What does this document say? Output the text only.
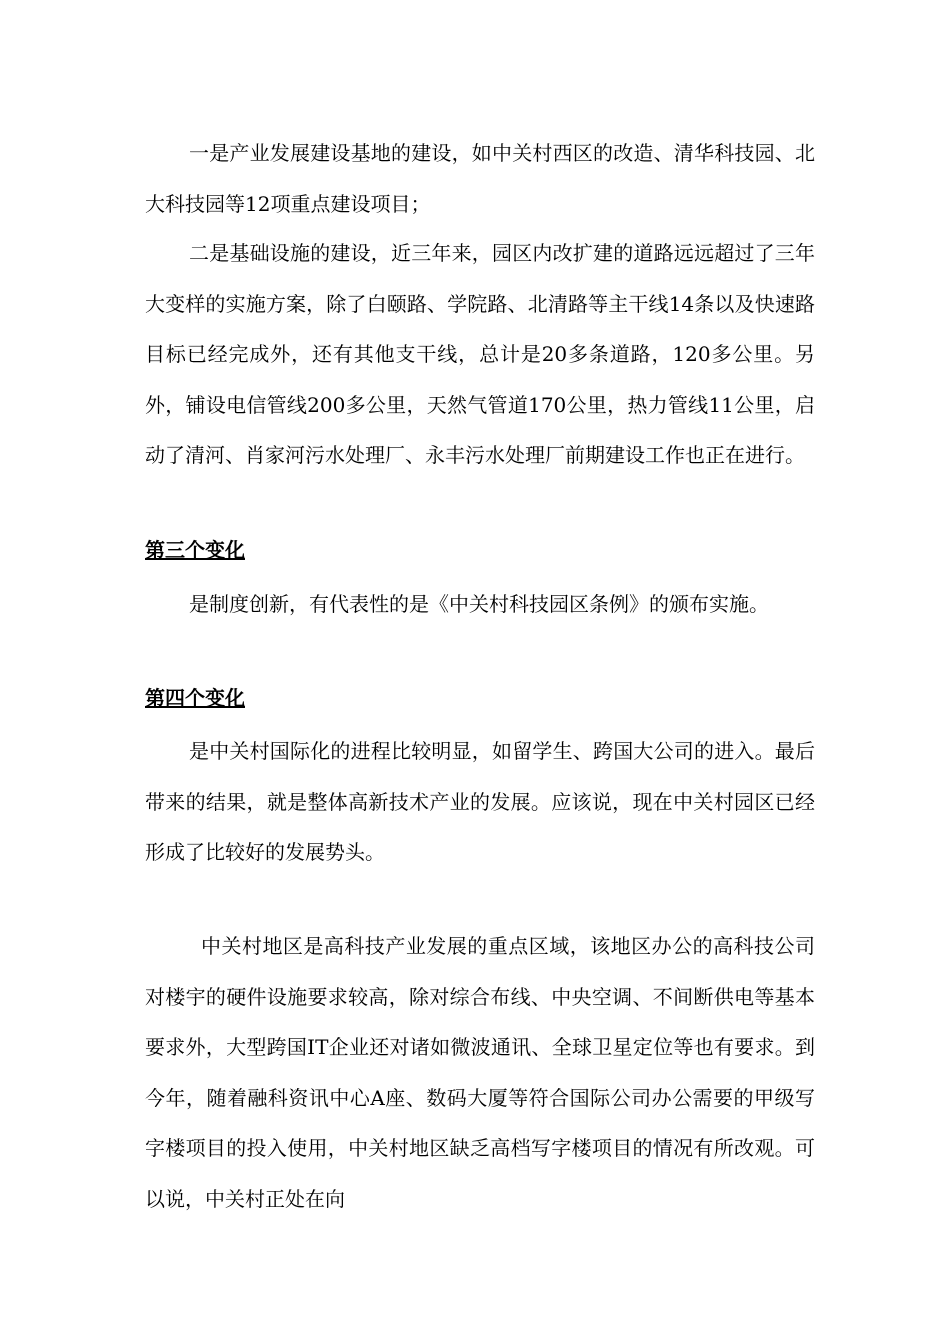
一是产业发展建设基地的建设，如中关村西区的改造、清华科技园、北大科技园等12项重点建设项目；

二是基础设施的建设，近三年来，园区内改扩建的道路远远超过了三年大变样的实施方案，除了白颐路、学院路、北清路等主干线14条以及快速路目标已经完成外，还有其他支干线，总计是20多条道路，120多公里。另外，铺设电信管线200多公里，天然气管道170公里，热力管线11公里，启动了清河、肖家河污水处理厂、永丰污水处理厂前期建设工作也正在进行。

第三个变化

是制度创新，有代表性的是《中关村科技园区条例》的颁布实施。

第四个变化

是中关村国际化的进程比较明显，如留学生、跨国大公司的进入。最后带来的结果，就是整体高新技术产业的发展。应该说，现在中关村园区已经形成了比较好的发展势头。

中关村地区是高科技产业发展的重点区域，该地区办公的高科技公司对楼宇的硬件设施要求较高，除对综合布线、中央空调、不间断供电等基本要求外，大型跨国IT企业还对诸如微波通讯、全球卫星定位等也有要求。到今年，随着融科资讯中心A座、数码大厦等符合国际公司办公需要的甲级写字楼项目的投入使用，中关村地区缺乏高档写字楼项目的情况有所改观。可以说，中关村正处在向
